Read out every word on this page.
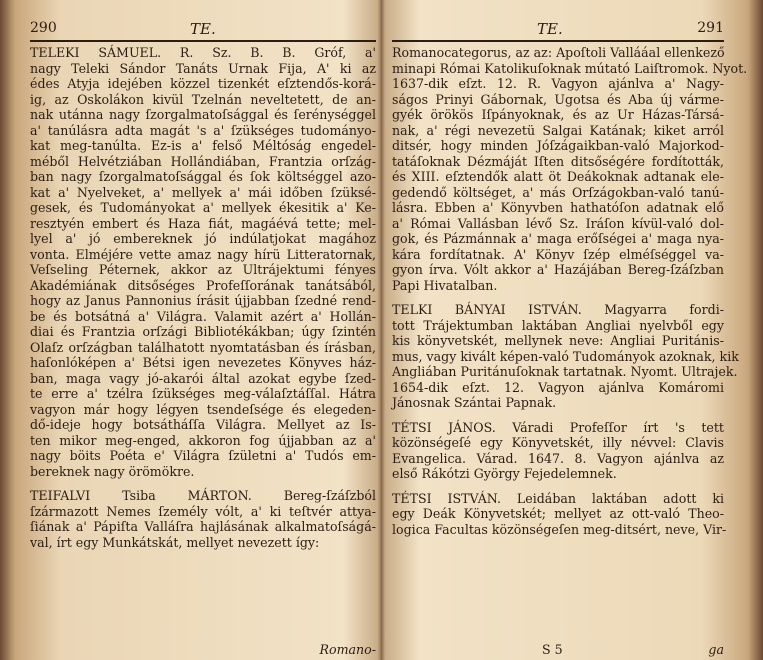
290	TE.
TELEKI SÁMUEL. R. Sz. B. B. Gróf, a'
nagy Teleki Sándor Tanáts Urnak Fija, A' ki az
édes Atyja idejében közzel tizenkét eſztendős-korá-
ig, az Oskolákon kivül Tzelnán neveltetett, de an-
nak utánna nagy ſzorgalmatoſsággal és ſerénységgel
a' tanúlásra adta magát 's a' ſzükséges tudományo-
kat meg-tanúlta. Ez-is a' felső Méltóság engedel-
méből Helvétziában Hollándiában, Frantzia orſzág-
ban nagy ſzorgalmatoſsággal és ſok költséggel azo-
kat a' Nyelveket, a' mellyek a' mái időben ſzüksé-
gesek, és Tudományokat a' mellyek ékesitik a' Ke-
resztyén embert és Haza fiát, magáévá tette; mel-
lyel a' jó embereknek jó indúlatjokat magához
vonta. Elméjére vette amaz nagy hírü Litteratornak,
Veſseling Péternek, akkor az Ultrájektumi fényes
Akadémiának ditsőséges Profeſſorának tanátsából,
hogy az Janus Pannonius írásit újjabban ſzedné rend-
be és botsátná a' Világra. Valamit azért a' Hollán-
diai és Frantzia orſzági Bibliotékákban; úgy ſzintén
Olaſz orſzágban találhatott nyomtatásban és írásban,
haſonlóképen a' Bétsi igen nevezetes Könyves ház-
ban, maga vagy jó-akarói által azokat egybe ſzed-
te erre a' tzélra ſzükséges meg-válaſztáſſal. Hátra
vagyon már hogy légyen tsendeſsége és elegeden-
dő-ideje hogy botsátháſſa Világra. Mellyet az Is-
ten mikor meg-enged, akkoron fog újjabban az a'
nagy böits Poéta e' Világra ſzületni a' Tudós em-
bereknek nagy örömökre.
TEIFALVI Tsiba MÁRTON. Bereg-ſzáſzból
ſzármazott Nemes ſzemély vólt, a' ki teſtvér attya-
ſiának a' Pápiſta Valláſra hajlásának alkalmatoſságá-
val, írt egy Munkátskát, mellyet nevezett így:
Romano-
TE.	291
Romanocategorus, az az: Apoſtoli Vallááal ellenkező
minapi Római Katolikuſoknak mútató Laiſtromok. Nyot.
1637-dik eſzt. 12. R. Vagyon ajánlva a' Nagy-
ságos Prinyi Gábornak, Ugotsa és Aba új várme-
gyék örökös Iſpányoknak, és az Ur Házas-Társá-
nak, a' régi nevezetü Salgai Katának; kiket arról
ditsér, hogy minden Jóſzágaikban-való Majorkod-
tatáſoknak Dézmáját Iſten ditsőségére fordították,
és XIII. eſztendők alatt öt Deákoknak adtanak ele-
gedendő költséget, a' más Orſzágokban-való tanú-
lásra. Ebben a' Könyvben hathatóſon adatnak elő
a' Római Vallásban lévő Sz. Iráſon kívül-való dol-
gok, és Pázmánnak a' maga erőſségei a' maga nya-
kára fordítatnak. A' Könyv ſzép elméſséggel va-
gyon írva. Vólt akkor a' Hazájában Bereg-ſzáſzban
Papi Hivatalban.
TELKI BÁNYAI ISTVÁN. Magyarra fordi-
tott Trájektumban laktában Angliai nyelvből egy
kis könyvetskét, mellynek neve: Angliai Puritánis-
mus, vagy kivált képen-való Tudományok azoknak, kik
Angliában Puritánuſoknak tartatnak. Nyomt. Ultrajek.
1654-dik eſzt. 12. Vagyon ajánlva Komáromi
Jánosnak Szántai Papnak.
TÉTSI JÁNOS. Váradi Profeſſor írt 's tett
közönségeſé egy Könyvetskét, illy névvel: Clavis
Evangelica. Várad. 1647. 8. Vagyon ajánlva az
első Rákótzi György Fejedelemnek.
TÉTSI ISTVÁN. Leidában laktában adott ki
egy Deák Könyvetskét; mellyet az ott-való Theo-
logica Facultas közönségeſen meg-ditsért, neve, Vir-
S 5	ga
